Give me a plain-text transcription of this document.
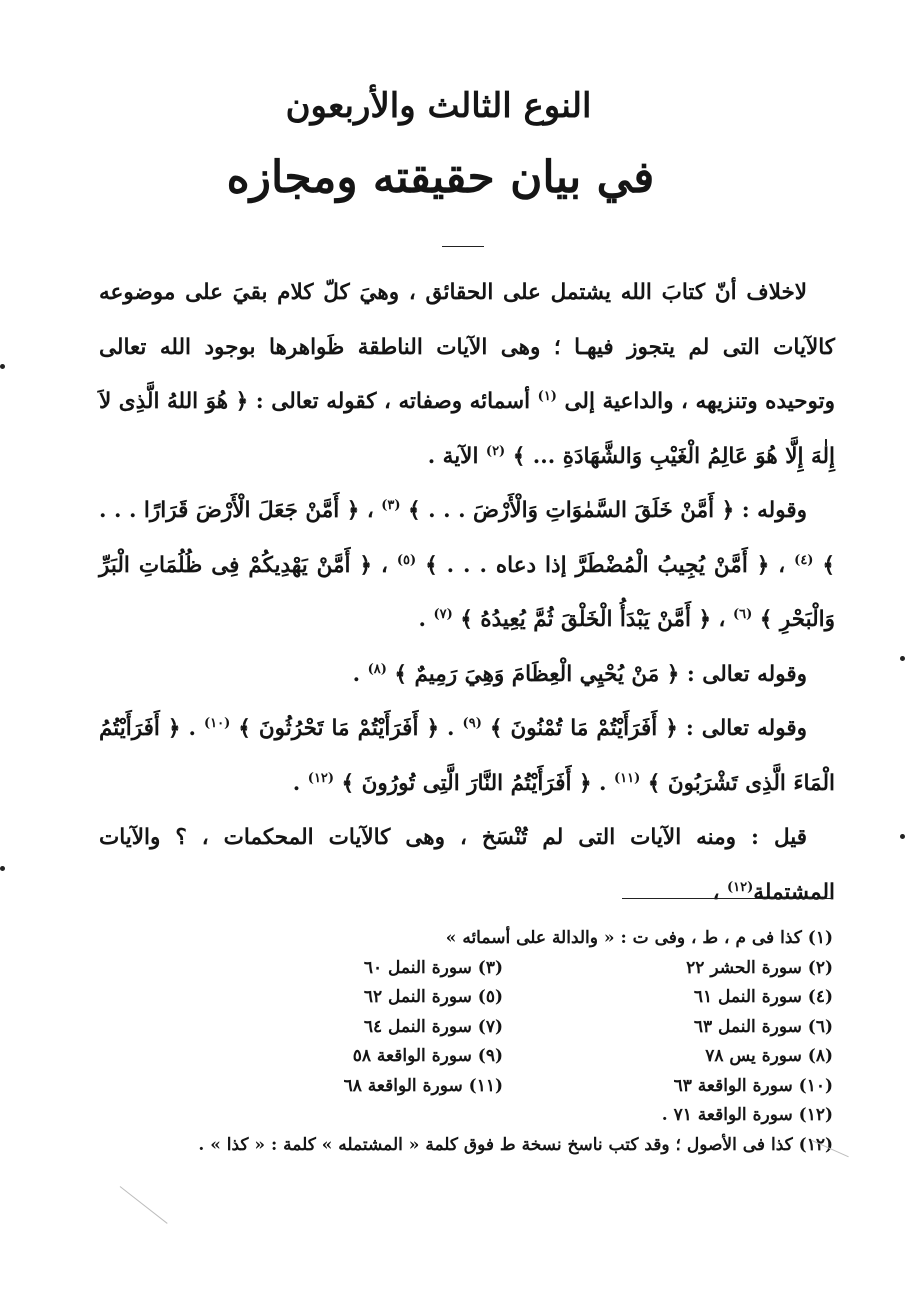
النوع الثالث والأربعون
في بيان حقيقته ومجازه

لاخلاف أنّ كتابَ الله يشتمل على الحقائق ، وهيَ كلّ كلام بقيَ على موضوعه كالآيات التى لم يتجوز فيهـا ؛ وهى الآيات الناطقة ظَواهرها بوجود الله تعالى وتوحيده وتنزيهه ، والداعية إلى $^{(١)}$ أسمائه وصفاته ، كقوله تعالى : ﴿ هُوَ اللهُ الَّذِى لاَ إِلٰهَ إِلَّا هُوَ عَالِمُ الْغَيْبِ وَالشَّهَادَةِ ... ﴾ $^{(٢)}$ الآية .

وقوله : ﴿ أَمَّنْ خَلَقَ السَّمٰوَاتِ وَالْأَرْضَ . . . ﴾ $^{(٣)}$ ، ﴿ أَمَّنْ جَعَلَ الْأَرْضَ قَرَارًا . . . ﴾ $^{(٤)}$ ، ﴿ أَمَّنْ يُجِيبُ الْمُضْطَرَّ إذا دعاه . . . ﴾ $^{(٥)}$ ، ﴿ أَمَّنْ يَهْدِيكُمْ فِى ظُلُمَاتِ الْبَرِّ وَالْبَحْرِ ﴾ $^{(٦)}$ ، ﴿ أَمَّنْ يَبْدَأُ الْخَلْقَ ثُمَّ يُعِيدُهُ ﴾ $^{(٧)}$ .

وقوله تعالى : ﴿ مَنْ يُحْيِي الْعِظَامَ وَهِيَ رَمِيمٌ ﴾ $^{(٨)}$ .

وقوله تعالى : ﴿ أَفَرَأَيْتُمْ مَا تُمْنُونَ ﴾ $^{(٩)}$ . ﴿ أَفَرَأَيْتُمْ مَا تَحْرُثُونَ ﴾ $^{(١٠)}$ . ﴿ أَفَرَأَيْتُمُ الْمَاءَ الَّذِى تَشْرَبُونَ ﴾ $^{(١١)}$ . ﴿ أَفَرَأَيْتُمُ النَّارَ الَّتِى تُورُونَ ﴾ $^{(١٢)}$ .

قيل : ومنه الآيات التى لم تُنْسَخ ، وهى كالآيات المحكمات ، ؟ والآيات المشتملة$^{(١٢)}$ ،

(١) كذا فى م ، ط ، وفى ت : « والدالة على أسمائه »
(٢) سورة الحشر ٢٢
(٣) سورة النمل ٦٠
(٤) سورة النمل ٦١
(٥) سورة النمل ٦٢
(٦) سورة النمل ٦٣
(٧) سورة النمل ٦٤
(٨) سورة يس ٧٨
(٩) سورة الواقعة ٥٨
(١٠) سورة الواقعة ٦٣
(١١) سورة الواقعة ٦٨
(١٢) سورة الواقعة ٧١ .
(١٢) كذا فى الأصول ؛ وقد كتب ناسخ نسخة ط فوق كلمة « المشتمله » كلمة : « كذا » .
